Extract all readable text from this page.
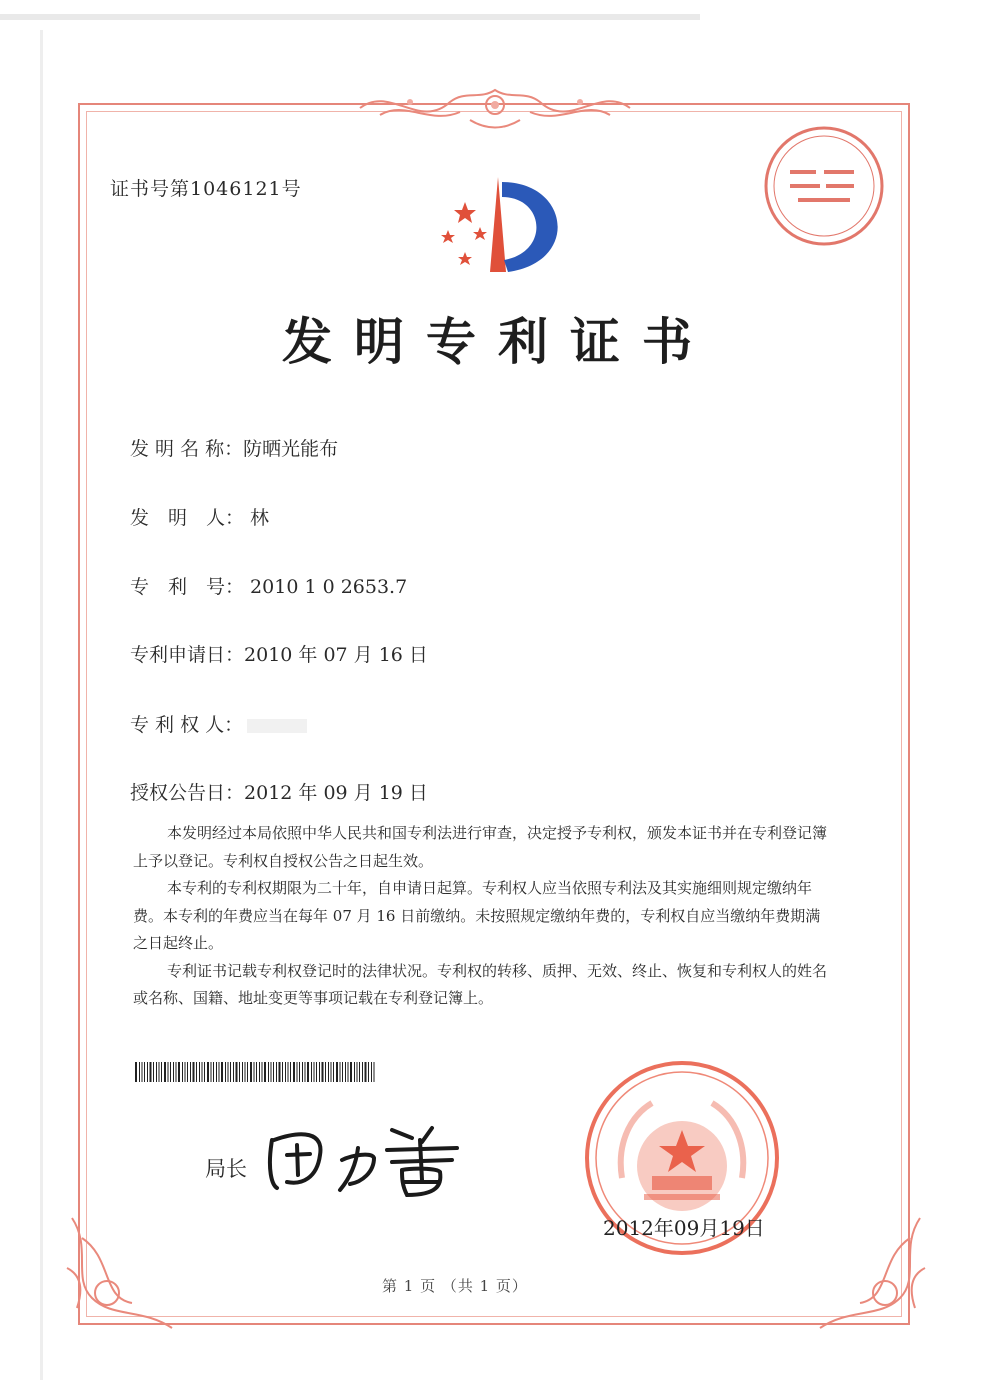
证书号第1046121号
发明专利证书
发 明 名 称：防晒光能布
发　明　人： 林
专　利　号： 2010 1 0 2653.7
专利申请日：2010 年 07 月 16 日
专 利 权 人：
授权公告日：2012 年 09 月 19 日

本发明经过本局依照中华人民共和国专利法进行审查，决定授予专利权，颁发本证书并在专利登记簿上予以登记。专利权自授权公告之日起生效。

本专利的专利权期限为二十年，自申请日起算。专利权人应当依照专利法及其实施细则规定缴纳年费。本专利的年费应当在每年 07 月 16 日前缴纳。未按照规定缴纳年费的，专利权自应当缴纳年费期满之日起终止。

专利证书记载专利权登记时的法律状况。专利权的转移、质押、无效、终止、恢复和专利权人的姓名或名称、国籍、地址变更等事项记载在专利登记簿上。

局长
2012年09月19日
第 1 页 （共 1 页）
